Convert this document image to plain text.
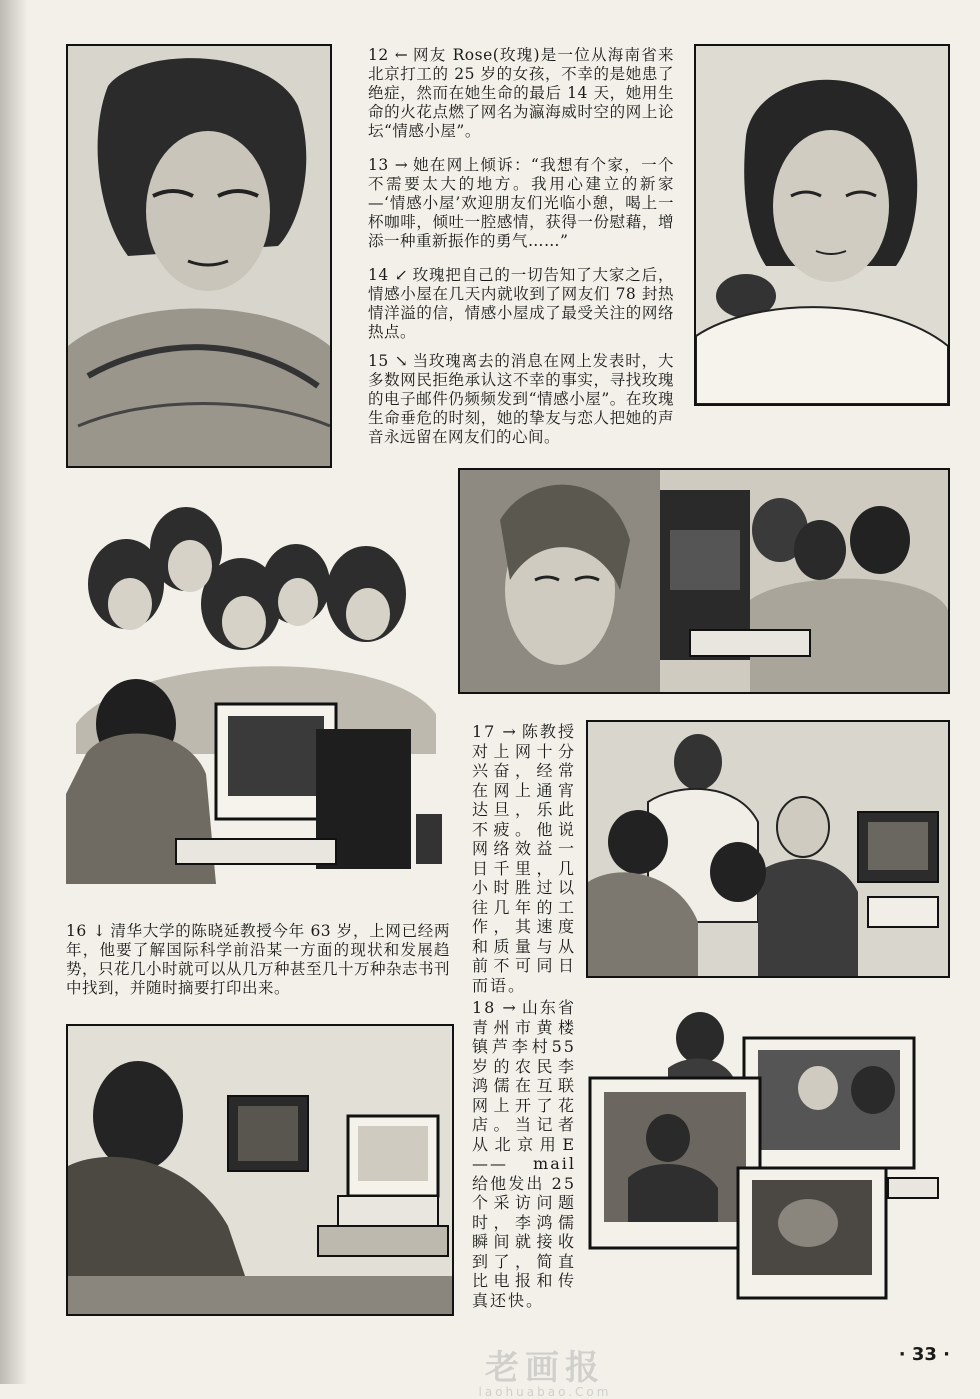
12 ← 网友 Rose(玫瑰)是一位从海南省来北京打工的 25 岁的女孩，不幸的是她患了绝症，然而在她生命的最后 14 天，她用生命的火花点燃了网名为瀛海威时空的网上论坛“情感小屋”。
13 → 她在网上倾诉：“我想有个家，一个不需要太大的地方。我用心建立的新家—‘情感小屋’欢迎朋友们光临小憩，喝上一杯咖啡，倾吐一腔感情，获得一份慰藉，增添一种重新振作的勇气……”
14 ↙ 玫瑰把自己的一切告知了大家之后，情感小屋在几天内就收到了网友们 78 封热情洋溢的信，情感小屋成了最受关注的网络热点。
15 ↘ 当玫瑰离去的消息在网上发表时，大多数网民拒绝承认这不幸的事实，寻找玫瑰的电子邮件仍频频发到“情感小屋”。在玫瑰生命垂危的时刻，她的挚友与恋人把她的声音永远留在网友们的心间。
16 ↓ 清华大学的陈晓延教授今年 63 岁，上网已经两年，他要了解国际科学前沿某一方面的现状和发展趋势，只花几小时就可以从几万种甚至几十万种杂志书刊中找到，并随时摘要打印出来。
17 → 陈教授对上网十分兴奋，经常在网上通宵达旦，乐此不疲。他说网络效益一日千里，几小时胜过以往几年的工作，其速度和质量与从前不可同日而语。
18 → 山东省青州市黄楼镇芦李村55岁的农民李鸿儒在互联网上开了花店。当记者从北京用E —— mail给他发出 25 个采访问题时，李鸿儒瞬间就接收到了，简直比电报和传真还快。
老画报
laohuabao.Com
· 33 ·
